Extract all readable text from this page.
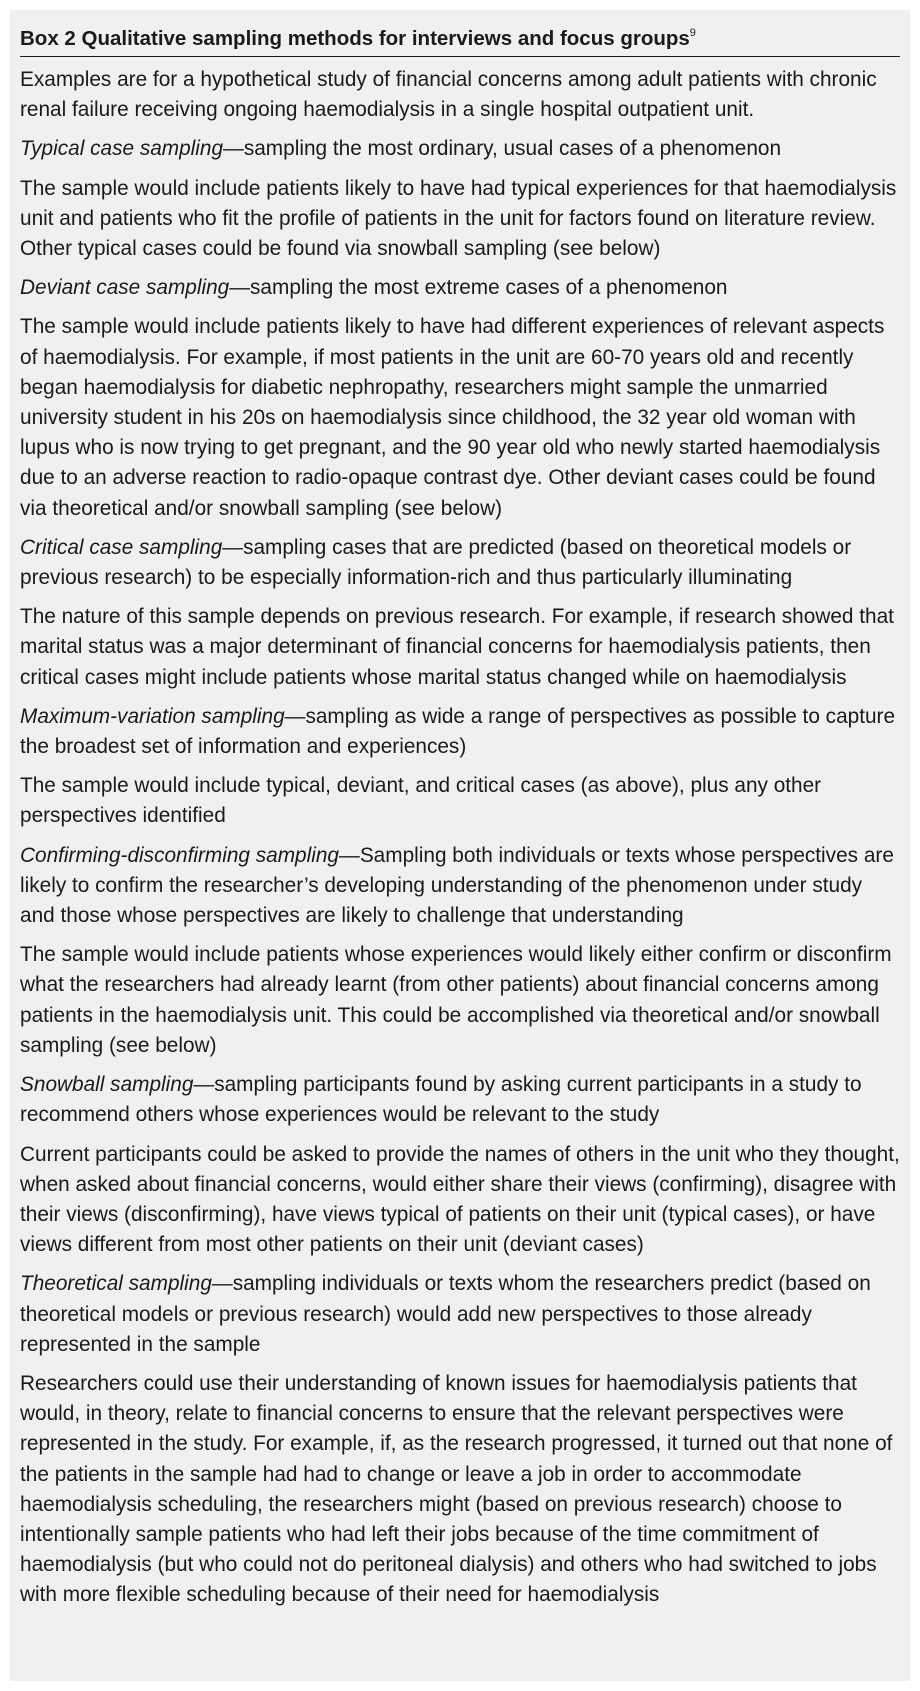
Box 2 Qualitative sampling methods for interviews and focus groups$^9$

Examples are for a hypothetical study of financial concerns among adult patients with chronic renal failure receiving ongoing haemodialysis in a single hospital outpatient unit.

Typical case sampling—sampling the most ordinary, usual cases of a phenomenon

The sample would include patients likely to have had typical experiences for that haemodialysis unit and patients who fit the profile of patients in the unit for factors found on literature review. Other typical cases could be found via snowball sampling (see below)

Deviant case sampling—sampling the most extreme cases of a phenomenon

The sample would include patients likely to have had different experiences of relevant aspects of haemodialysis. For example, if most patients in the unit are 60-70 years old and recently began haemodialysis for diabetic nephropathy, researchers might sample the unmarried university student in his 20s on haemodialysis since childhood, the 32 year old woman with lupus who is now trying to get pregnant, and the 90 year old who newly started haemodialysis due to an adverse reaction to radio-opaque contrast dye. Other deviant cases could be found via theoretical and/or snowball sampling (see below)

Critical case sampling—sampling cases that are predicted (based on theoretical models or previous research) to be especially information-rich and thus particularly illuminating

The nature of this sample depends on previous research. For example, if research showed that marital status was a major determinant of financial concerns for haemodialysis patients, then critical cases might include patients whose marital status changed while on haemodialysis

Maximum-variation sampling—sampling as wide a range of perspectives as possible to capture the broadest set of information and experiences)

The sample would include typical, deviant, and critical cases (as above), plus any other perspectives identified

Confirming-disconfirming sampling—Sampling both individuals or texts whose perspectives are likely to confirm the researcher’s developing understanding of the phenomenon under study and those whose perspectives are likely to challenge that understanding

The sample would include patients whose experiences would likely either confirm or disconfirm what the researchers had already learnt (from other patients) about financial concerns among patients in the haemodialysis unit. This could be accomplished via theoretical and/or snowball sampling (see below)

Snowball sampling—sampling participants found by asking current participants in a study to recommend others whose experiences would be relevant to the study

Current participants could be asked to provide the names of others in the unit who they thought, when asked about financial concerns, would either share their views (confirming), disagree with their views (disconfirming), have views typical of patients on their unit (typical cases), or have views different from most other patients on their unit (deviant cases)

Theoretical sampling—sampling individuals or texts whom the researchers predict (based on theoretical models or previous research) would add new perspectives to those already represented in the sample

Researchers could use their understanding of known issues for haemodialysis patients that would, in theory, relate to financial concerns to ensure that the relevant perspectives were represented in the study. For example, if, as the research progressed, it turned out that none of the patients in the sample had had to change or leave a job in order to accommodate haemodialysis scheduling, the researchers might (based on previous research) choose to intentionally sample patients who had left their jobs because of the time commitment of haemodialysis (but who could not do peritoneal dialysis) and others who had switched to jobs with more flexible scheduling because of their need for haemodialysis
